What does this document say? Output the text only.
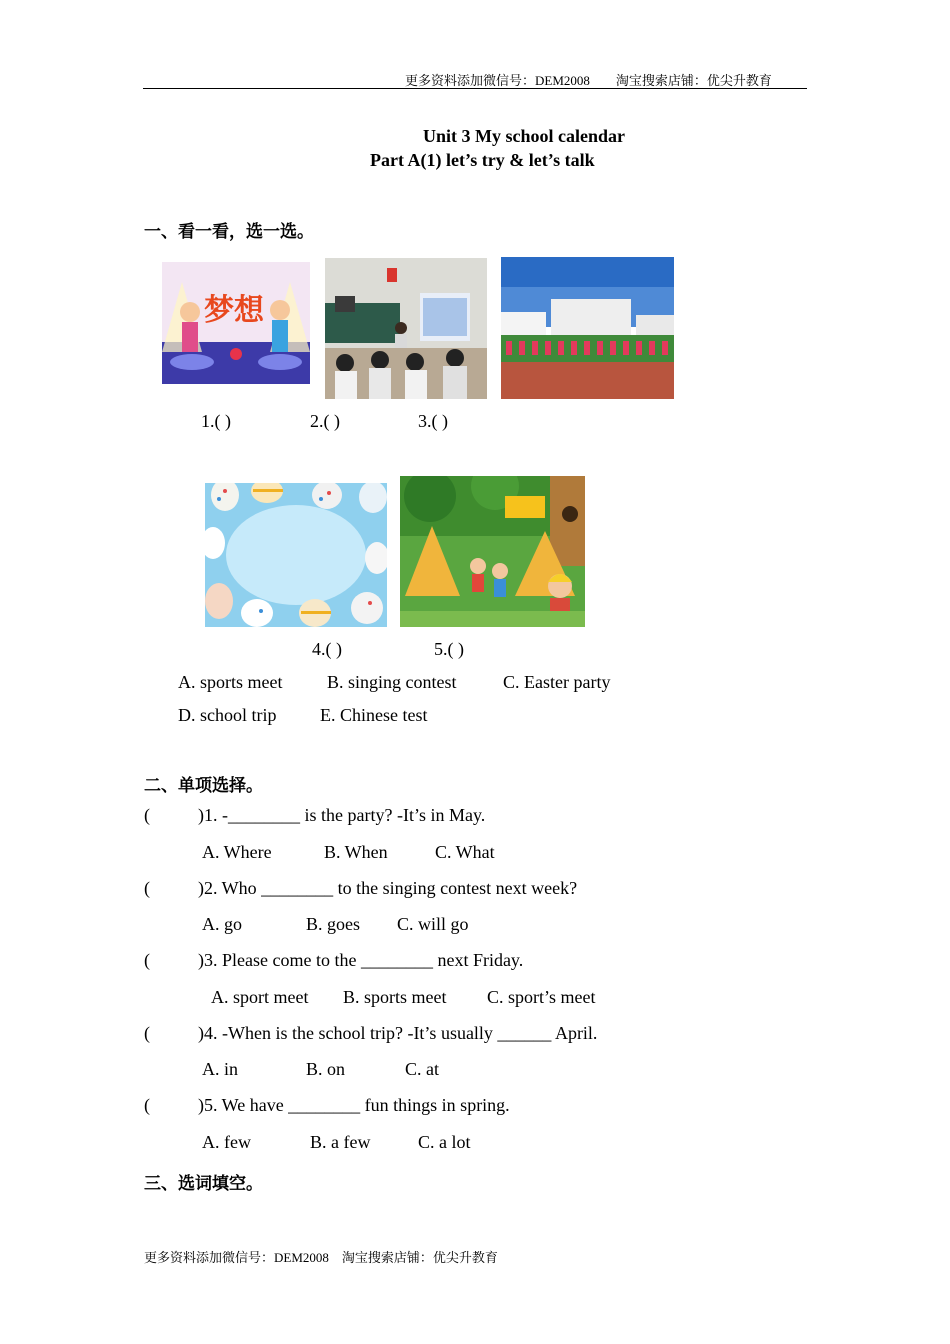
更多资料添加微信号：DEM2008　　淘宝搜索店铺：优尖升教育
Unit 3 My school calendar
Part A(1) let’s try & let’s talk
一、看一看，选一选。
梦想
1.( )	2.( )	3.( )
4.( )	5.( )
A. sports meet B. singing contest	C. Easter party
D. school trip E. Chinese test
二、单项选择。
(	)1. -________ is the party? -It’s in May.
A. Where	B. When	C. What
(	)2. Who ________ to the singing contest next week?
A. go	B. goes C. will go
(	)3. Please come to the ________ next Friday.
A. sport meet B. sports meet C. sport’s meet
(	)4. -When is the school trip? -It’s usually ______ April.
A. in	B. on	C. at
(	)5. We have ________ fun things in spring.
A. few	B. a few	C. a lot
三、选词填空。
更多资料添加微信号：DEM2008　淘宝搜索店铺：优尖升教育
